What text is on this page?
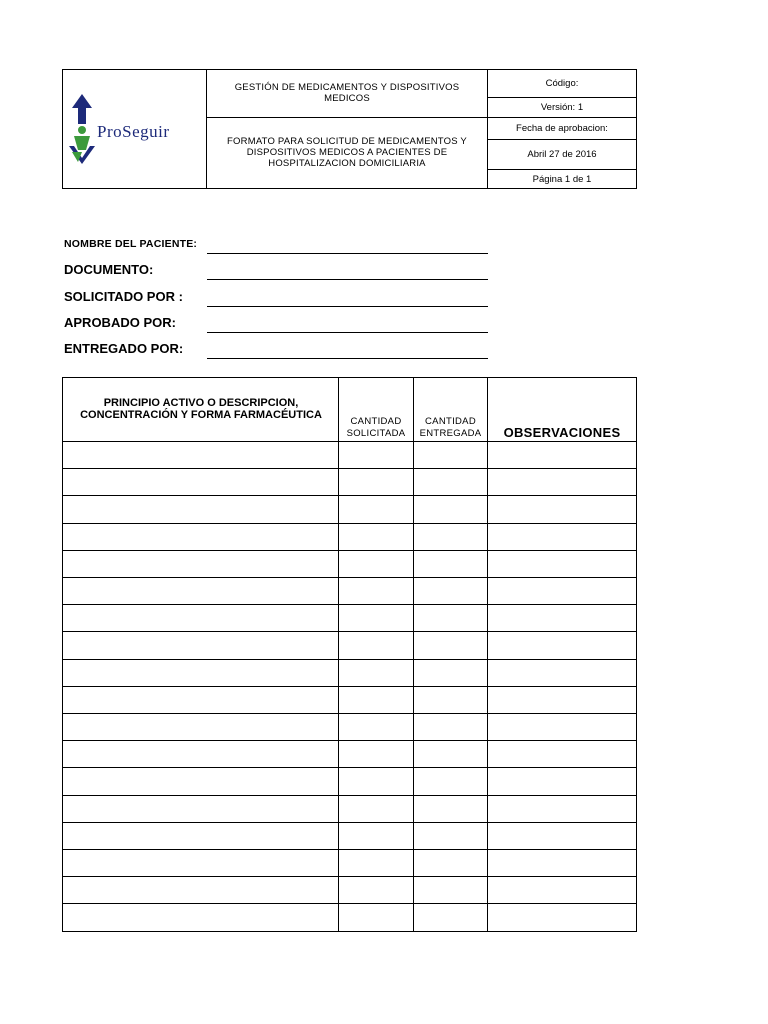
ProSeguir
GESTIÓN DE MEDICAMENTOS Y DISPOSITIVOS MEDICOS
FORMATO PARA SOLICITUD DE MEDICAMENTOS Y DISPOSITIVOS MEDICOS A PACIENTES DE HOSPITALIZACION DOMICILIARIA
Código:
Versión: 1
Fecha de aprobacion:
Abril 27 de 2016
Página 1 de 1
NOMBRE DEL PACIENTE:
DOCUMENTO:
SOLICITADO POR :
APROBADO POR:
ENTREGADO POR:
PRINCIPIO ACTIVO O DESCRIPCION, CONCENTRACIÓN Y FORMA FARMACÉUTICA
CANTIDAD
SOLICITADA
CANTIDAD
ENTREGADA	OBSERVACIONES
